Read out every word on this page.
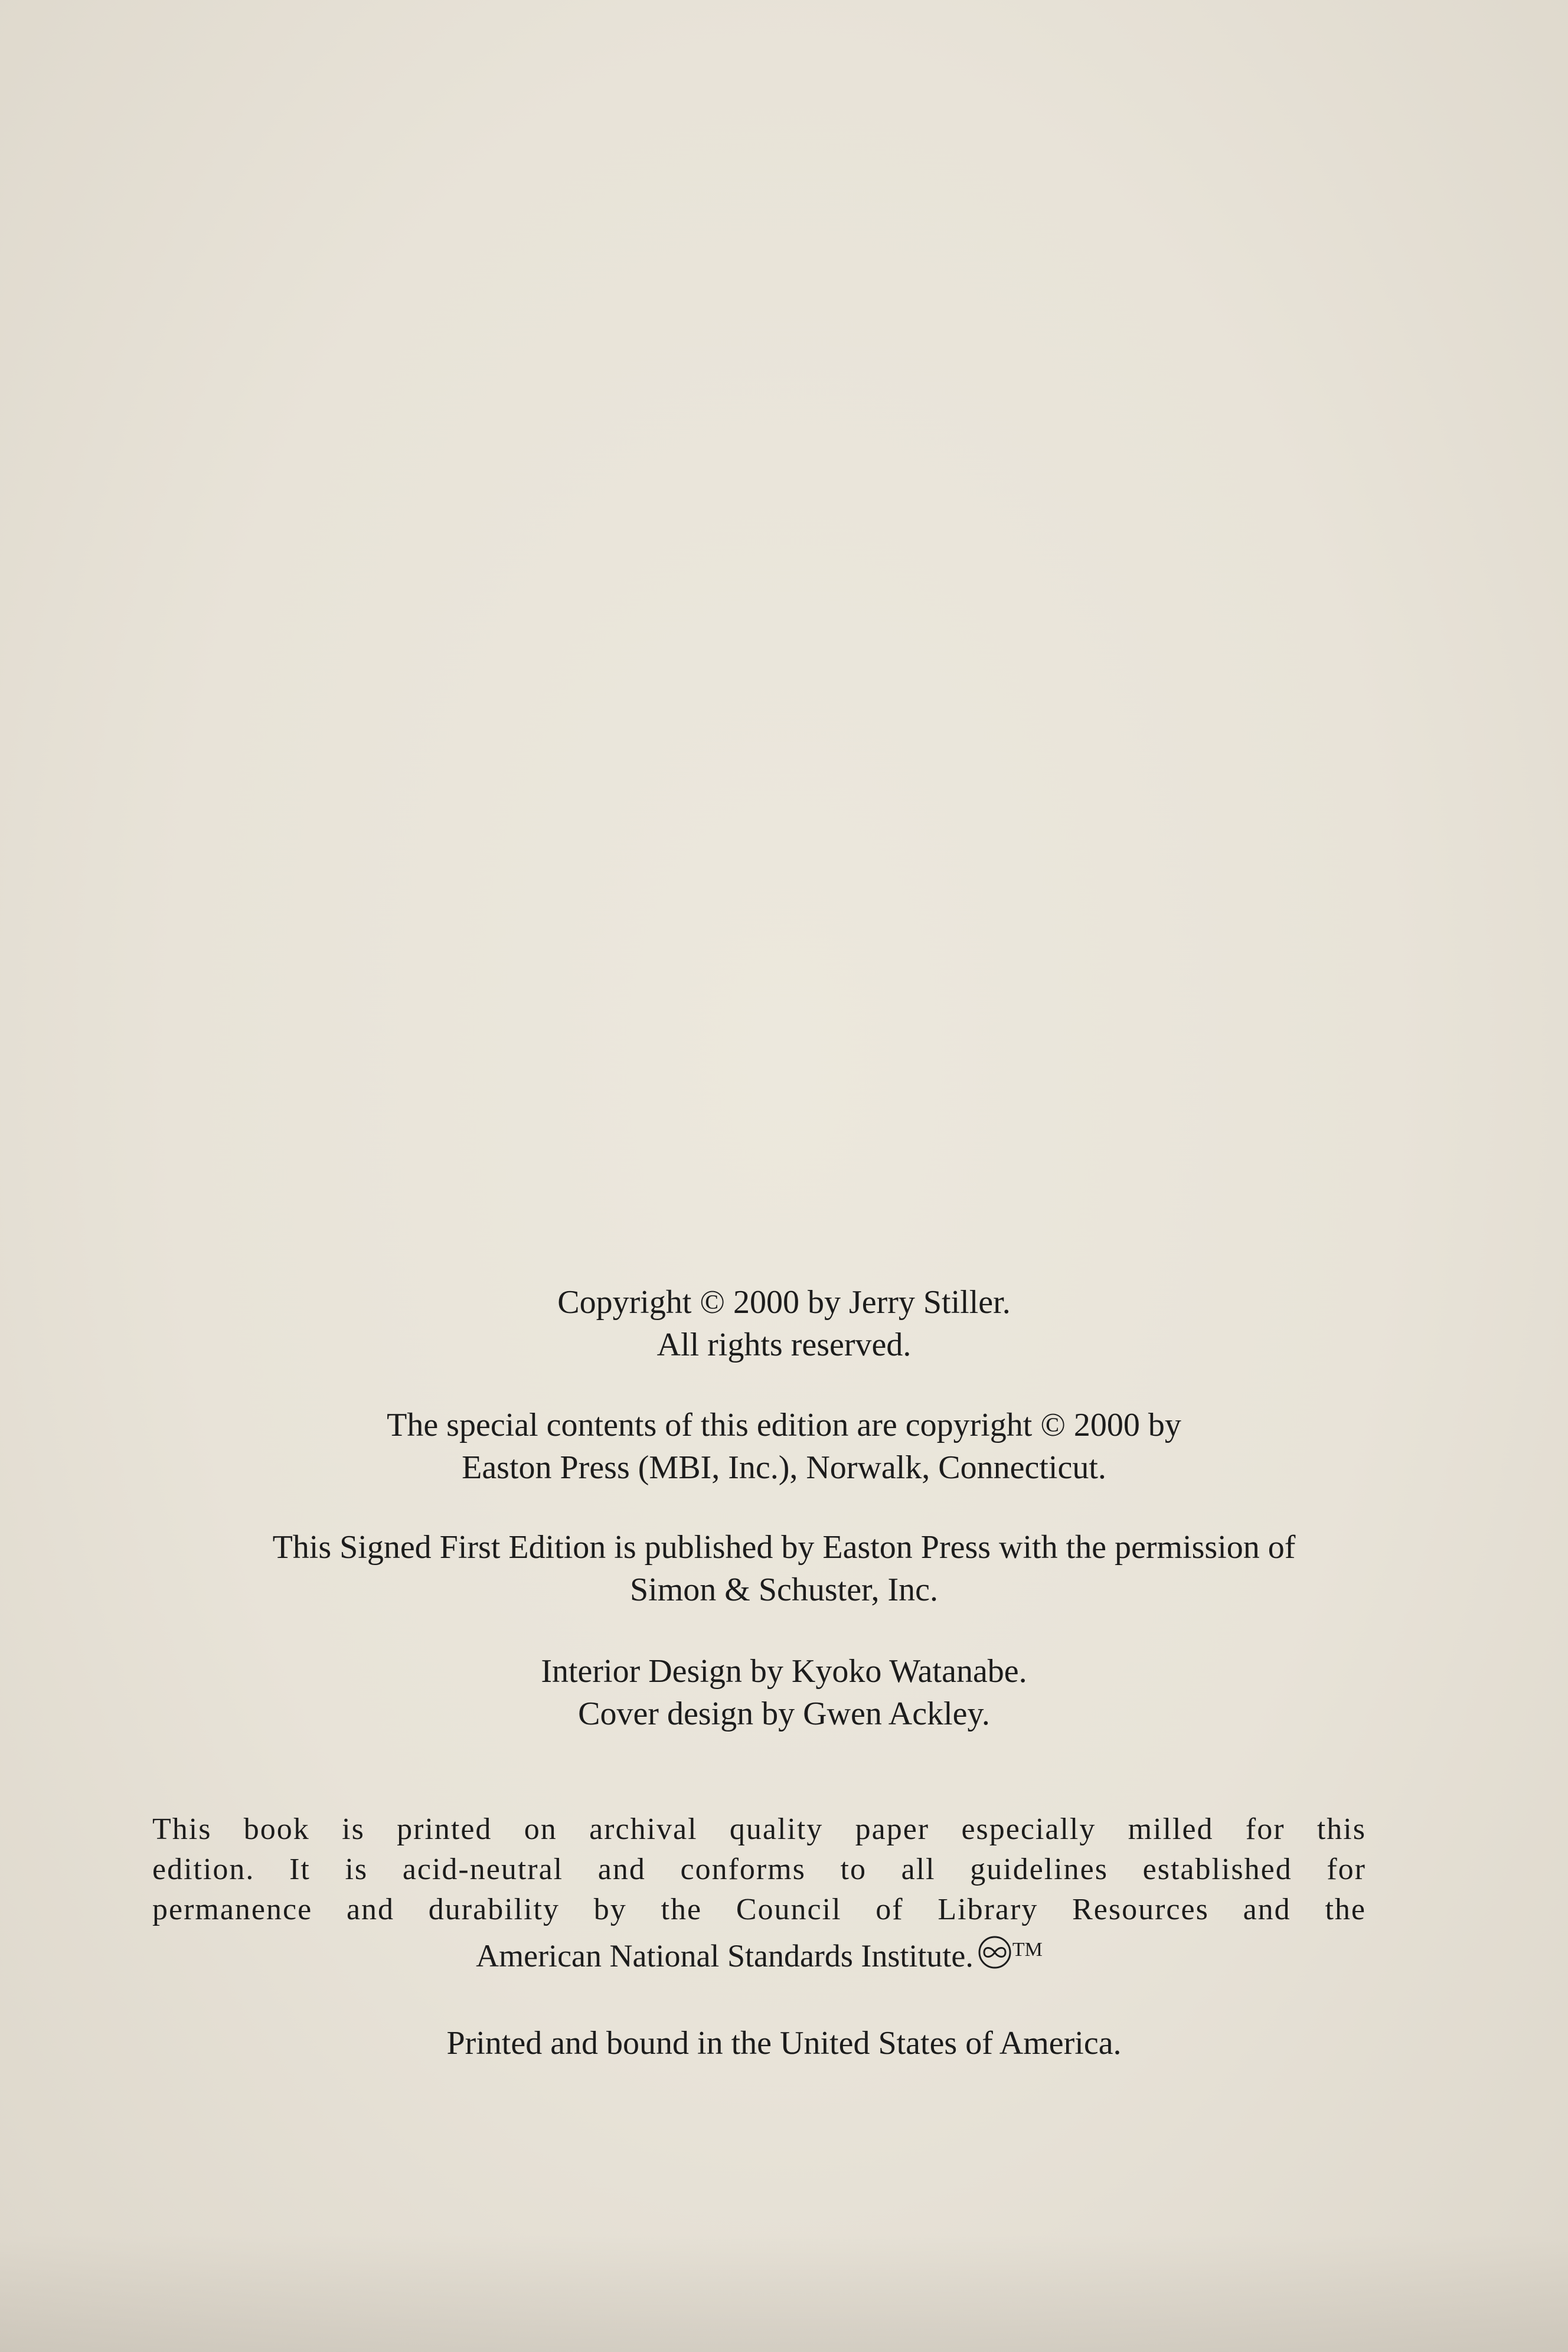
Copyright © 2000 by Jerry Stiller.
All rights reserved.
The special contents of this edition are copyright © 2000 by
Easton Press (MBI, Inc.), Norwalk, Connecticut.
This Signed First Edition is published by Easton Press with the permission of
Simon & Schuster, Inc.
Interior Design by Kyoko Watanabe.
Cover design by Gwen Ackley.
This book is printed on archival quality paper especially milled for this
edition. It is acid-neutral and conforms to all guidelines established for
permanence and durability by the Council of Library Resources and the
American National Standards Institute. ™
Printed and bound in the United States of America.
